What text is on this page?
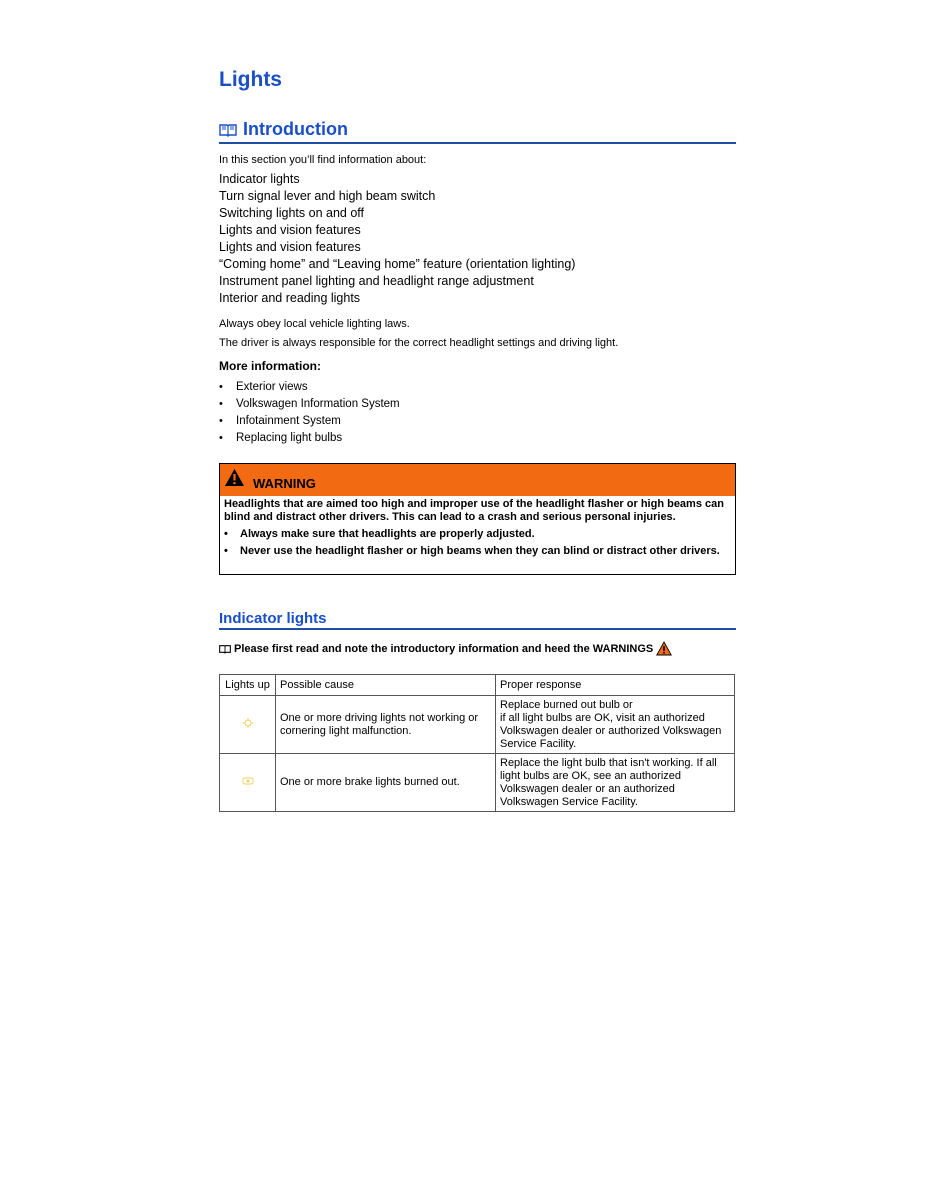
Lights
Introduction
In this section you’ll find information about:
Indicator lights
Turn signal lever and high beam switch
Switching lights on and off
Lights and vision features
Lights and vision features
“Coming home” and “Leaving home” feature (orientation lighting)
Instrument panel lighting and headlight range adjustment
Interior and reading lights

Always obey local vehicle lighting laws.

The driver is always responsible for the correct headlight settings and driving light.

More information:

• Exterior views
• Volkswagen Information System
• Infotainment System
• Replacing light bulbs
WARNING

Headlights that are aimed too high and improper use of the headlight flasher or high beams can blind and distract other drivers. This can lead to a crash and serious personal injuries.

• Always make sure that headlights are properly adjusted.

• Never use the headlight flasher or high beams when they can blind or distract other drivers.

Indicator lights
Please first read and note the introductory information and heed the WARNINGS
Lights up	Possible cause	Proper response
	One or more driving lights not working or cornering light malfunction.	Replace burned out bulb or
if all light bulbs are OK, visit an authorized Volkswagen dealer or authorized Volkswagen Service Facility.

	One or more brake lights burned out.	Replace the light bulb that isn't working. If all light bulbs are OK, see an authorized Volkswagen dealer or an authorized Volkswagen Service Facility.
